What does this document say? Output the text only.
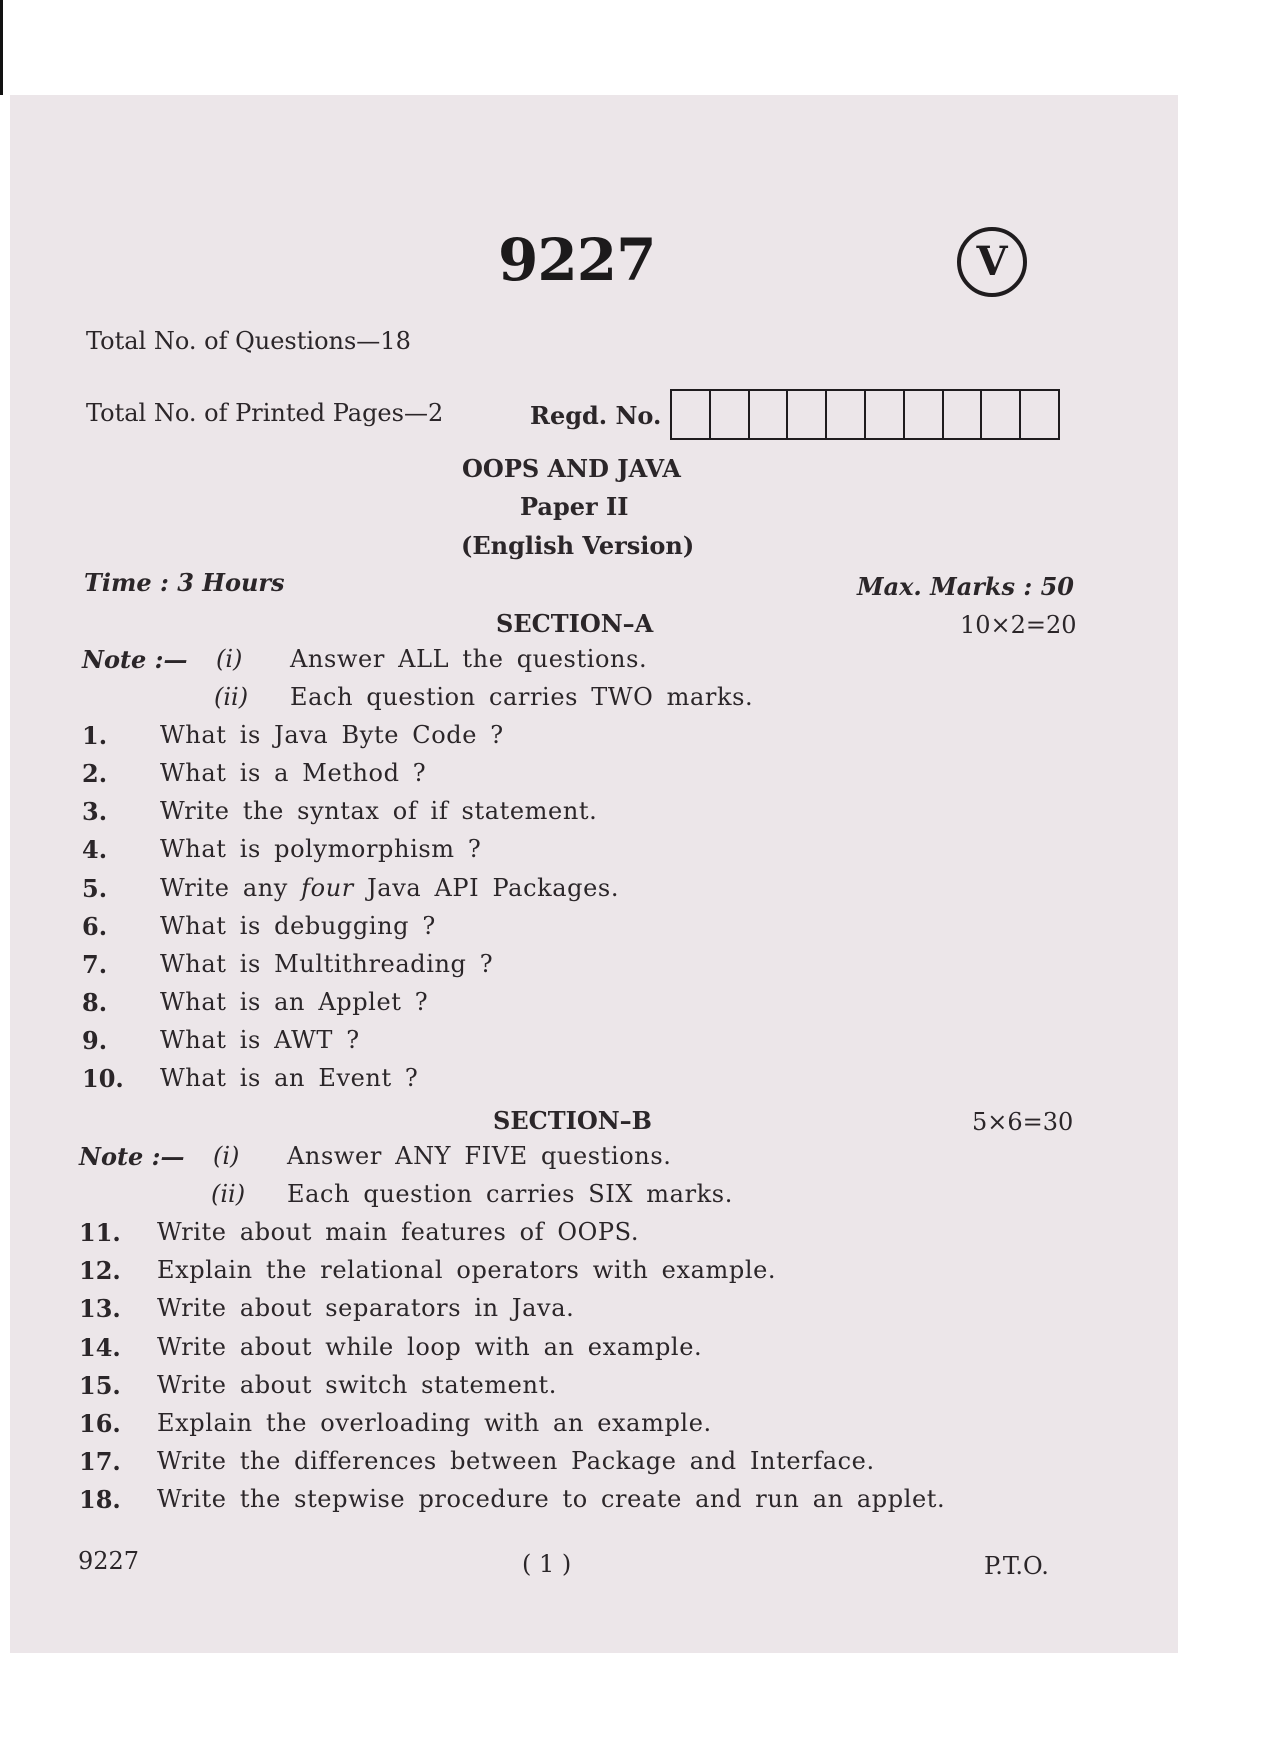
9227	V
Total No. of Questions—18
Total No. of Printed Pages—2	Regd. No.
OOPS AND JAVA
Paper II
(English Version)
Time : 3 Hours	Max. Marks : 50
SECTION–A	10×2=20
Note :— (i) Answer ALL the questions.
(ii) Each question carries TWO marks.
1. What is Java Byte Code ?
2. What is a Method ?
3. Write the syntax of if statement.
4. What is polymorphism ?
5. Write any four Java API Packages.
6. What is debugging ?
7. What is Multithreading ?
8. What is an Applet ?
9. What is AWT ?
10. What is an Event ?
SECTION–B	5×6=30
Note :— (i) Answer ANY FIVE questions.
(ii) Each question carries SIX marks.
11. Write about main features of OOPS.
12. Explain the relational operators with example.
13. Write about separators in Java.
14. Write about while loop with an example.
15. Write about switch statement.
16. Explain the overloading with an example.
17. Write the differences between Package and Interface.
18. Write the stepwise procedure to create and run an applet.
9227	( 1 )	P.T.O.
